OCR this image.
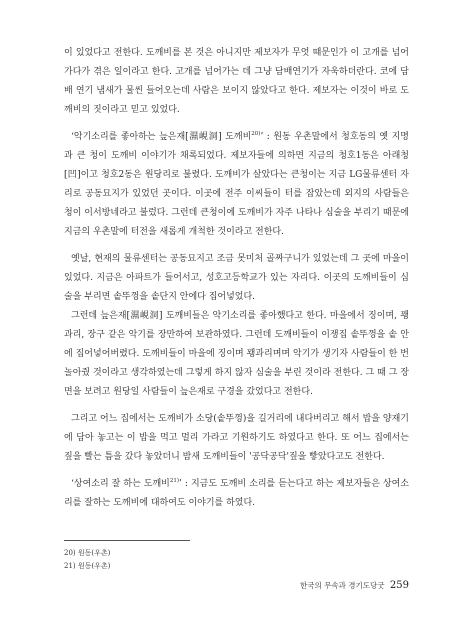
이 있었다고 전한다. 도깨비를 본 것은 아니지만 제보자가 무엇 때문인가 이 고개를 넘어가다가 겪은 일이라고 한다. 고개를 넘어가는 데 그냥 담배연기가 자욱하더란다. 코에 담배 연기 냄새가 물씬 들어오는데 사람은 보이지 않았다고 한다. 제보자는 이것이 바로 도깨비의 짓이라고 믿고 있었다.

‘악기소리를 좋아하는 늪은재[濕峴洞] 도깨비$^{20)}$’ : 원동 우촌말에서 청호동의 옛 지명과 큰 청이 도깨비 이야기가 채록되었다. 제보자들에 의하면 지금의 청호1동은 아래청[凹]이고 청호2동은 원당리로 불렸다. 도깨비가 살았다는 큰청이는 지금 LG물류센터 자리로 공동묘지가 있었던 곳이다. 이곳에 전주 이씨들이 터를 잡았는데 외지의 사람들은 청이 이서방네라고 불렀다. 그런데 큰청이에 도깨비가 자주 나타나 심술을 부리기 때문에 지금의 우촌말에 터전을 새롭게 개척한 것이라고 전한다.

옛날, 현재의 물류센터는 공동묘지고 조금 못미처 골짜구니가 있었는데 그 곳에 마을이 있었다. 지금은 아파트가 들어서고, 성호고등학교가 있는 자리다. 이곳의 도깨비들이 심술을 부리면 솥뚜껑을 솥단지 안에다 집어넣었다.

그런데 늪은재[濕峴洞] 도깨비들은 악기소리를 좋아했다고 한다. 마을에서 징이며, 꽹과리, 장구 같은 악기를 장만하여 보관하였다. 그런데 도깨비들이 이쟁집 솥뚜껑을 솥 안에 집어넣어버렸다. 도깨비들이 마을에 징이며 꽹과리며며 악기가 생기자 사람들이 한 번 놀아줬 것이라고 생각하였는데 그렇게 하지 않자 심술을 부린 것이라 전한다. 그 때 그 장면을 보려고 원당일 사람들이 늪은재로 구경을 갔었다고 전한다.

그리고 어느 집에서는 도깨비가 소당(솥뚜껑)을 길거리에 내다버리고 해서 밥을 양재기에 담아 놓고는 이 밥을 먹고 멀리 가라고 기원하기도 하였다고 한다. 또 어느 집에서는 짚을 빨는 틈을 갔다 놓았더니 밤새 도깨비들이 '공닥공닥'짚을 빻았다고도 전한다.

‘상여소리 잘 하는 도깨비$^{21)}$’ : 지금도 도깨비 소리를 듣는다고 하는 제보자들은 상여소리를 잘하는 도깨비에 대하여도 이야기를 하였다.

20) 원동(우촌)
21) 원동(우촌)
한국의 무속과 경기도당굿 259
